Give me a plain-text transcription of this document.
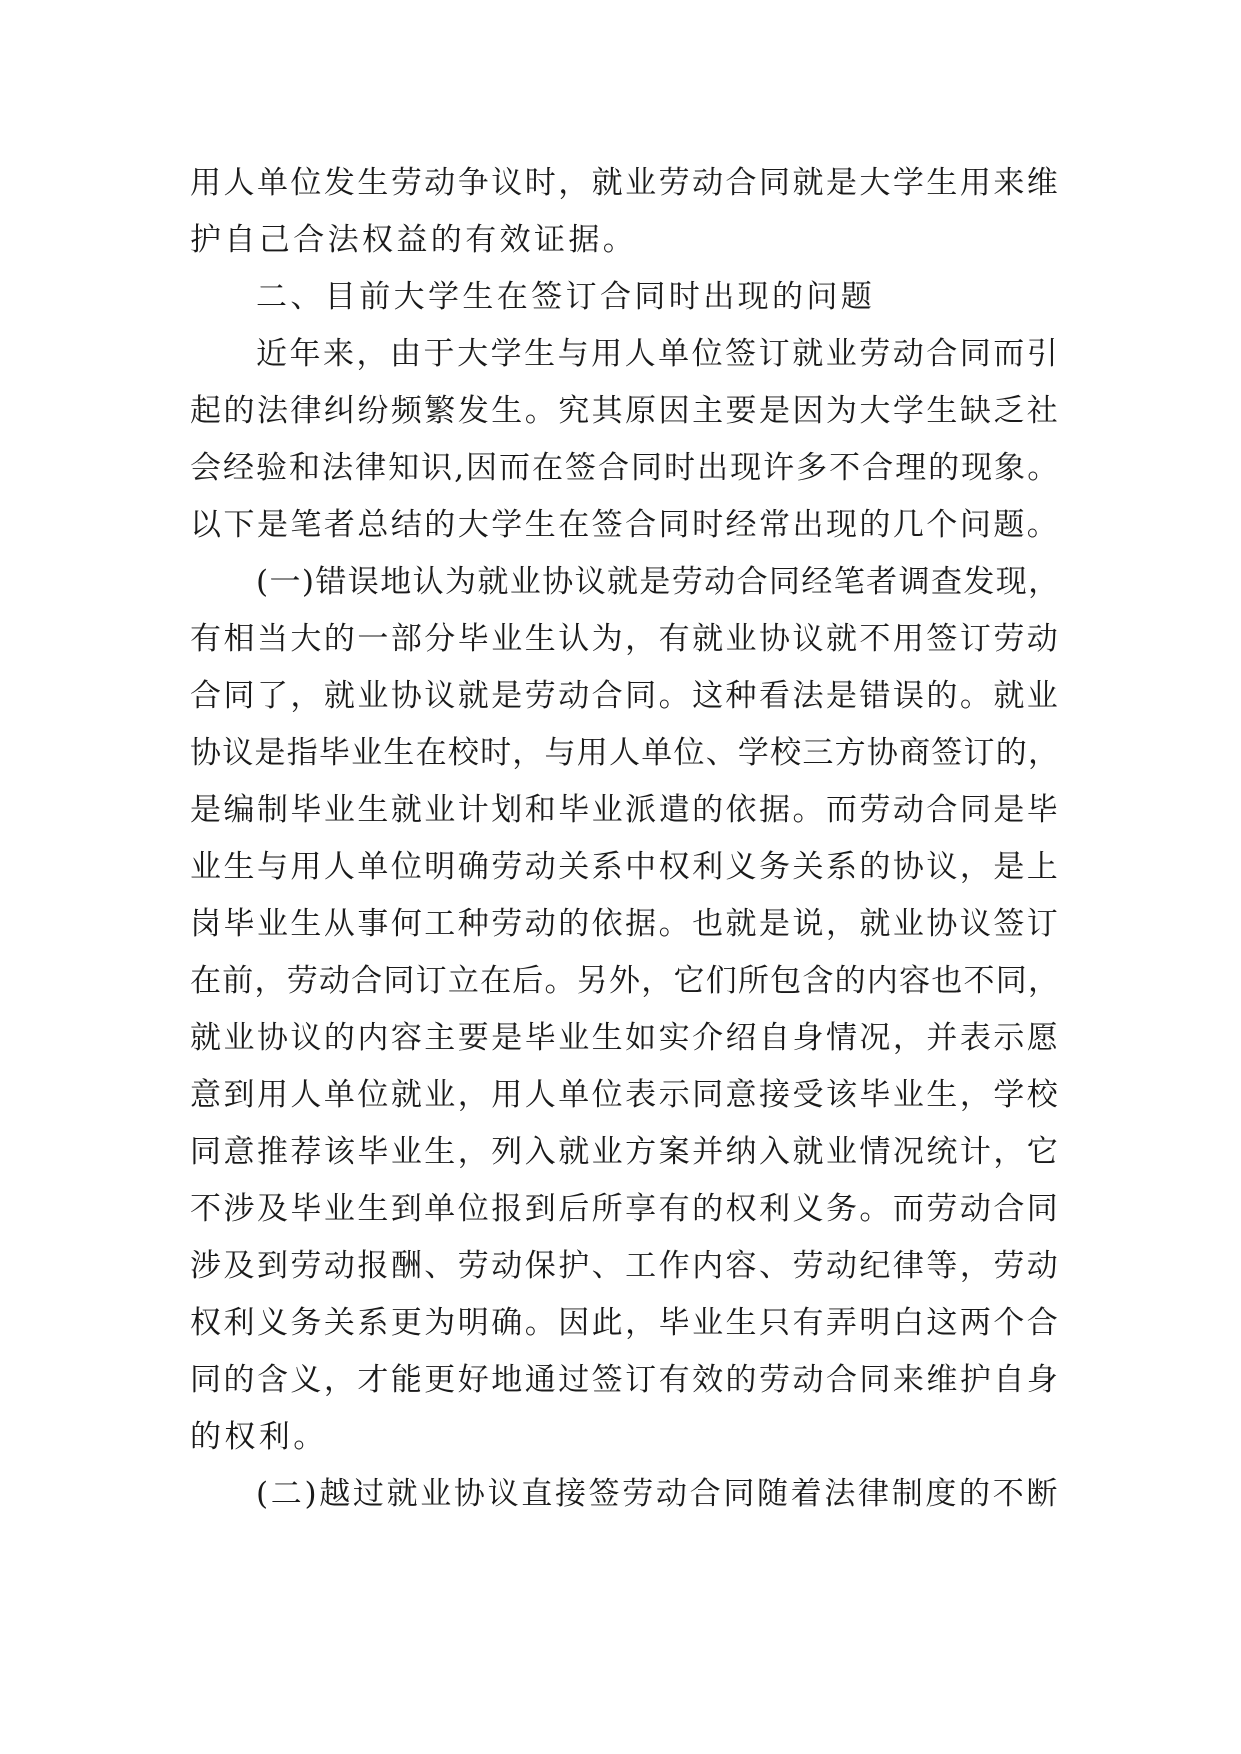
用人单位发生劳动争议时，就业劳动合同就是大学生用来维
护自己合法权益的有效证据。
二、目前大学生在签订合同时出现的问题
近年来，由于大学生与用人单位签订就业劳动合同而引
起的法律纠纷频繁发生。究其原因主要是因为大学生缺乏社
会经验和法律知识,因而在签合同时出现许多不合理的现象。
以下是笔者总结的大学生在签合同时经常出现的几个问题。
(一)错误地认为就业协议就是劳动合同经笔者调查发现，
有相当大的一部分毕业生认为，有就业协议就不用签订劳动
合同了，就业协议就是劳动合同。这种看法是错误的。就业
协议是指毕业生在校时，与用人单位、学校三方协商签订的，
是编制毕业生就业计划和毕业派遣的依据。而劳动合同是毕
业生与用人单位明确劳动关系中权利义务关系的协议，是上
岗毕业生从事何工种劳动的依据。也就是说，就业协议签订
在前，劳动合同订立在后。另外，它们所包含的内容也不同，
就业协议的内容主要是毕业生如实介绍自身情况，并表示愿
意到用人单位就业，用人单位表示同意接受该毕业生，学校
同意推荐该毕业生，列入就业方案并纳入就业情况统计，它
不涉及毕业生到单位报到后所享有的权利义务。而劳动合同
涉及到劳动报酬、劳动保护、工作内容、劳动纪律等，劳动
权利义务关系更为明确。因此，毕业生只有弄明白这两个合
同的含义，才能更好地通过签订有效的劳动合同来维护自身
的权利。
(二)越过就业协议直接签劳动合同随着法律制度的不断
